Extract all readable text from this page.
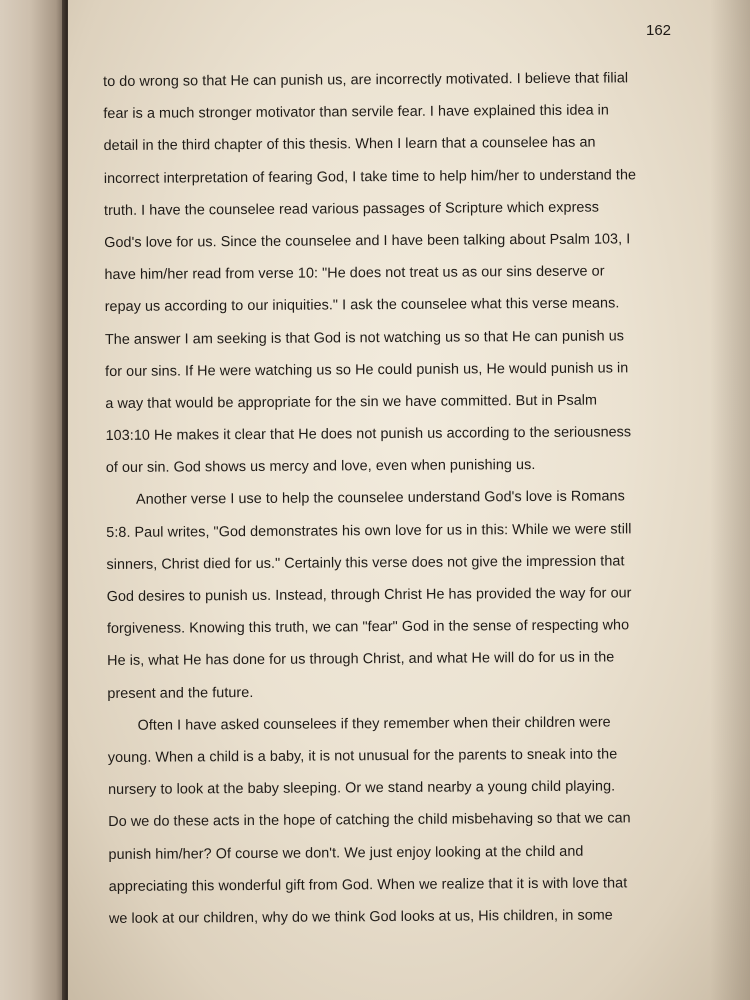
162
to do wrong so that He can punish us, are incorrectly motivated. I believe that filial
fear is a much stronger motivator than servile fear. I have explained this idea in
detail in the third chapter of this thesis. When I learn that a counselee has an
incorrect interpretation of fearing God, I take time to help him/her to understand the
truth. I have the counselee read various passages of Scripture which express
God's love for us. Since the counselee and I have been talking about Psalm 103, I
have him/her read from verse 10: "He does not treat us as our sins deserve or
repay us according to our iniquities." I ask the counselee what this verse means.
The answer I am seeking is that God is not watching us so that He can punish us
for our sins. If He were watching us so He could punish us, He would punish us in
a way that would be appropriate for the sin we have committed. But in Psalm
103:10 He makes it clear that He does not punish us according to the seriousness
of our sin. God shows us mercy and love, even when punishing us.
Another verse I use to help the counselee understand God's love is Romans
5:8. Paul writes, "God demonstrates his own love for us in this: While we were still
sinners, Christ died for us." Certainly this verse does not give the impression that
God desires to punish us. Instead, through Christ He has provided the way for our
forgiveness. Knowing this truth, we can "fear" God in the sense of respecting who
He is, what He has done for us through Christ, and what He will do for us in the
present and the future.
Often I have asked counselees if they remember when their children were
young. When a child is a baby, it is not unusual for the parents to sneak into the
nursery to look at the baby sleeping. Or we stand nearby a young child playing.
Do we do these acts in the hope of catching the child misbehaving so that we can
punish him/her? Of course we don't. We just enjoy looking at the child and
appreciating this wonderful gift from God. When we realize that it is with love that
we look at our children, why do we think God looks at us, His children, in some
